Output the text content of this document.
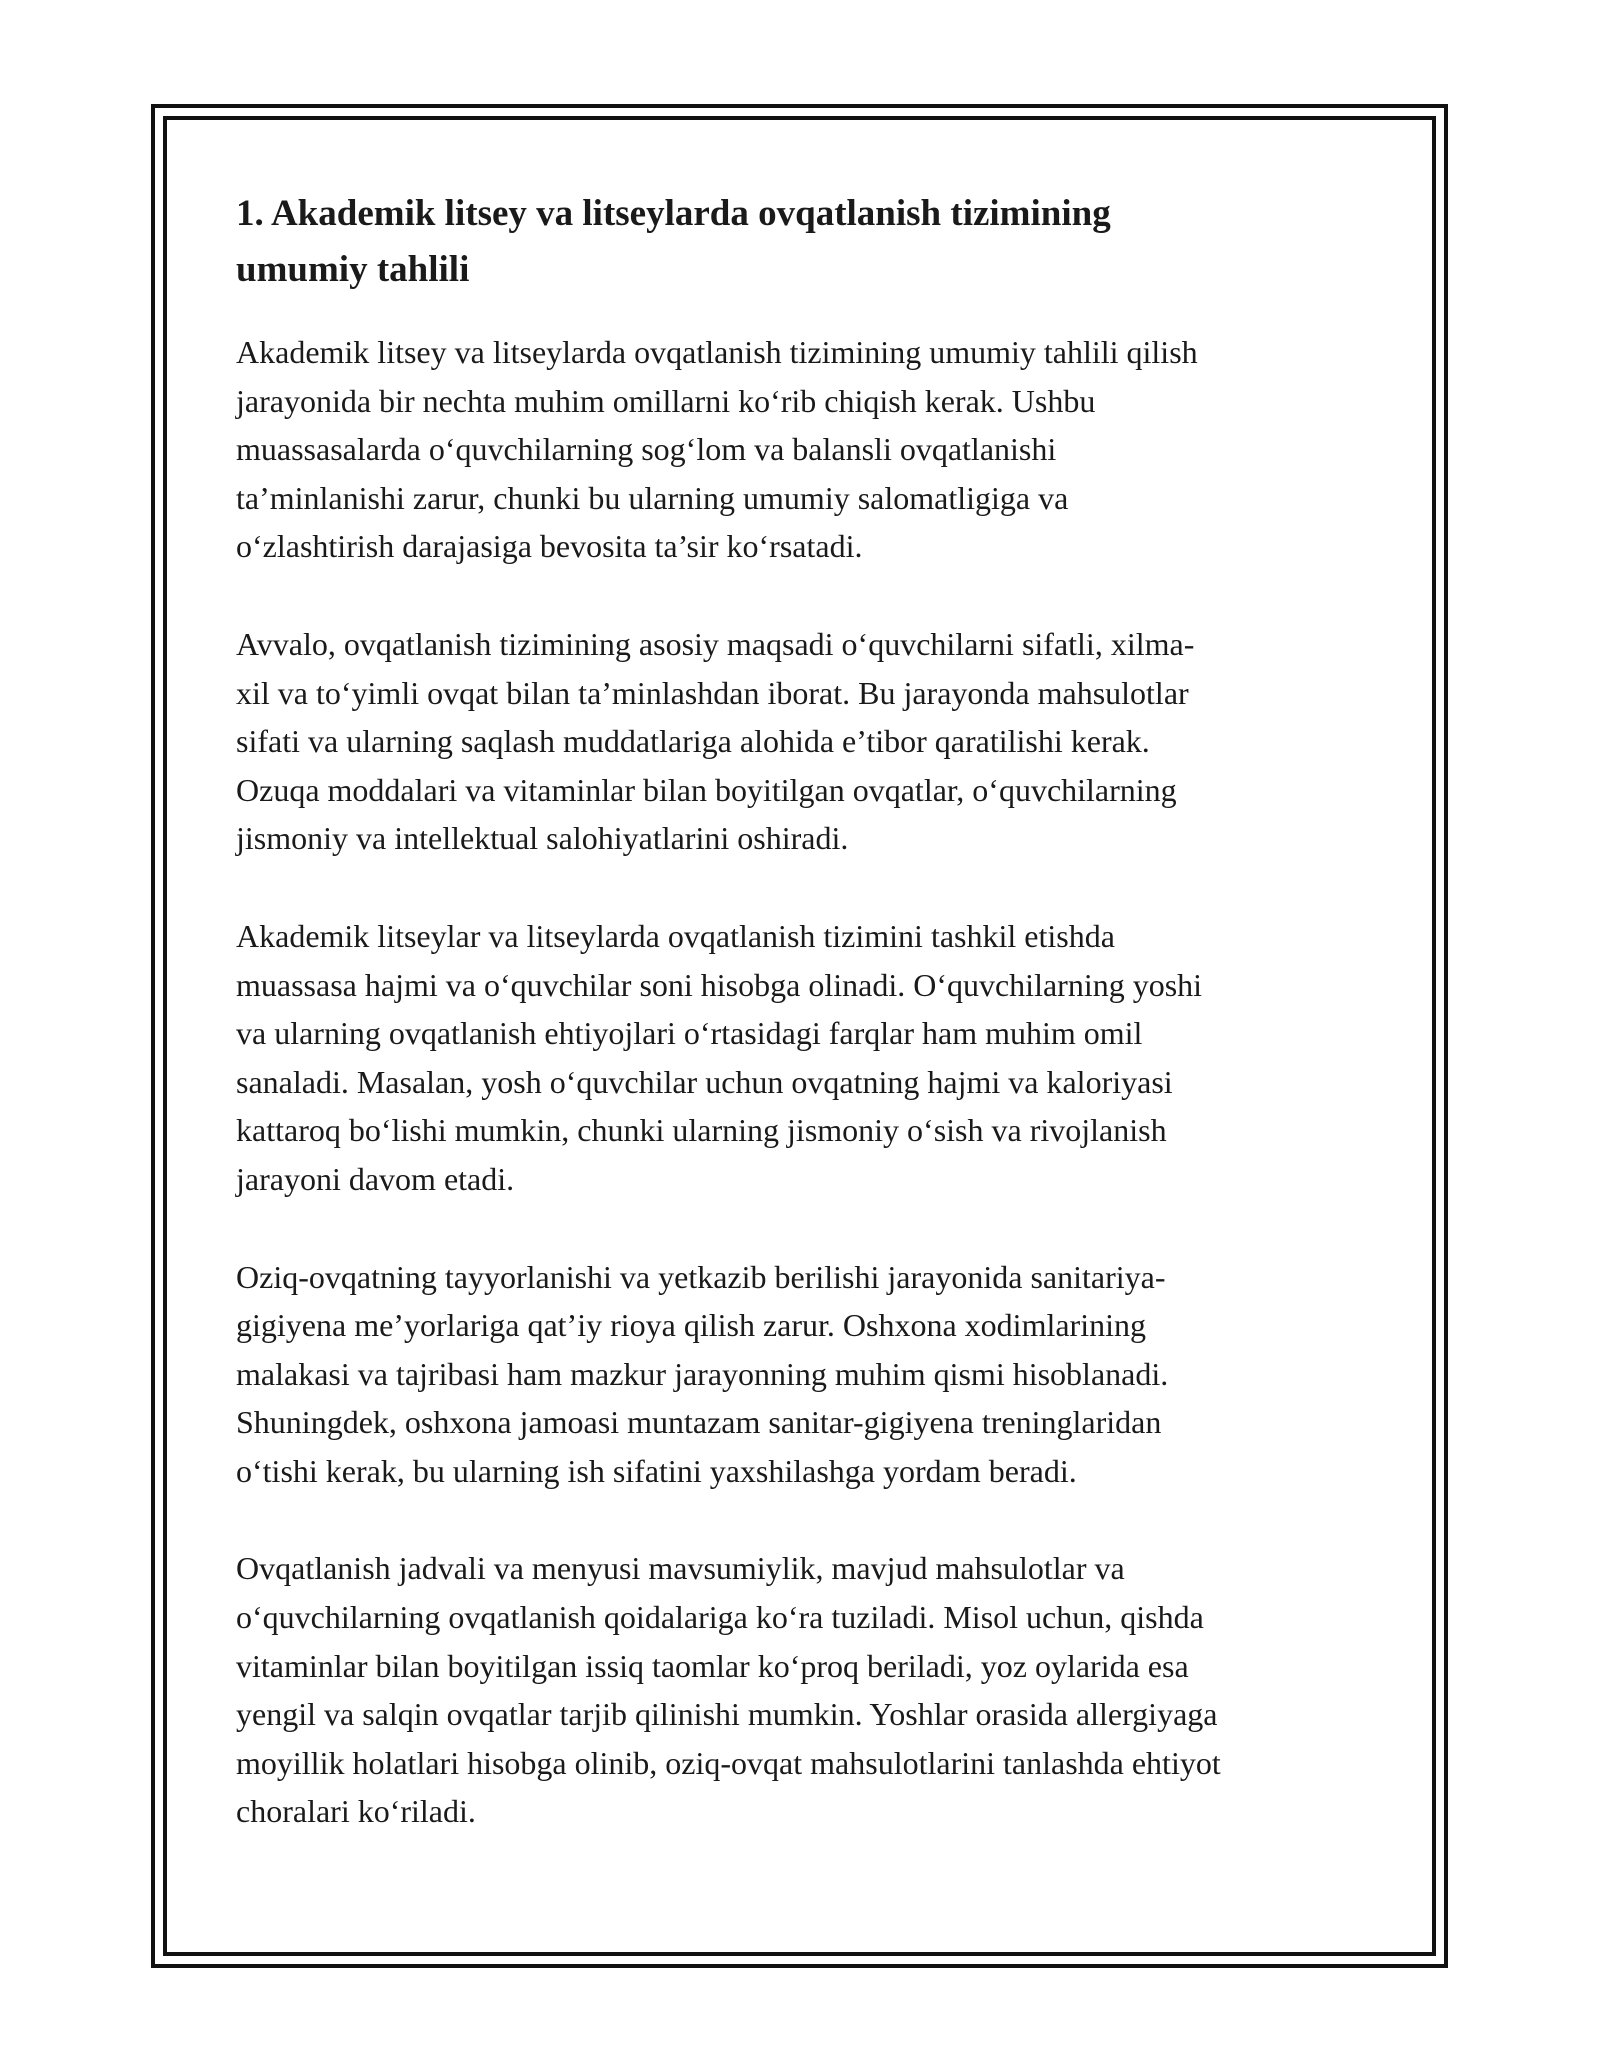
1. Akademik litsey va litseylarda ovqatlanish tizimining
umumiy tahlili

Akademik litsey va litseylarda ovqatlanish tizimining umumiy tahlili qilish
jarayonida bir nechta muhim omillarni ko‘rib chiqish kerak. Ushbu
muassasalarda o‘quvchilarning sog‘lom va balansli ovqatlanishi
ta’minlanishi zarur, chunki bu ularning umumiy salomatligiga va
o‘zlashtirish darajasiga bevosita ta’sir ko‘rsatadi.

Avvalo, ovqatlanish tizimining asosiy maqsadi o‘quvchilarni sifatli, xilma-
xil va to‘yimli ovqat bilan ta’minlashdan iborat. Bu jarayonda mahsulotlar
sifati va ularning saqlash muddatlariga alohida e’tibor qaratilishi kerak.
Ozuqa moddalari va vitaminlar bilan boyitilgan ovqatlar, o‘quvchilarning
jismoniy va intellektual salohiyatlarini oshiradi.

Akademik litseylar va litseylarda ovqatlanish tizimini tashkil etishda
muassasa hajmi va o‘quvchilar soni hisobga olinadi. O‘quvchilarning yoshi
va ularning ovqatlanish ehtiyojlari o‘rtasidagi farqlar ham muhim omil
sanaladi. Masalan, yosh o‘quvchilar uchun ovqatning hajmi va kaloriyasi
kattaroq bo‘lishi mumkin, chunki ularning jismoniy o‘sish va rivojlanish
jarayoni davom etadi.

Oziq-ovqatning tayyorlanishi va yetkazib berilishi jarayonida sanitariya-
gigiyena me’yorlariga qat’iy rioya qilish zarur. Oshxona xodimlarining
malakasi va tajribasi ham mazkur jarayonning muhim qismi hisoblanadi.
Shuningdek, oshxona jamoasi muntazam sanitar-gigiyena treninglaridan
o‘tishi kerak, bu ularning ish sifatini yaxshilashga yordam beradi.

Ovqatlanish jadvali va menyusi mavsumiylik, mavjud mahsulotlar va
o‘quvchilarning ovqatlanish qoidalariga ko‘ra tuziladi. Misol uchun, qishda
vitaminlar bilan boyitilgan issiq taomlar ko‘proq beriladi, yoz oylarida esa
yengil va salqin ovqatlar tarjib qilinishi mumkin. Yoshlar orasida allergiyaga
moyillik holatlari hisobga olinib, oziq-ovqat mahsulotlarini tanlashda ehtiyot
choralari ko‘riladi.
